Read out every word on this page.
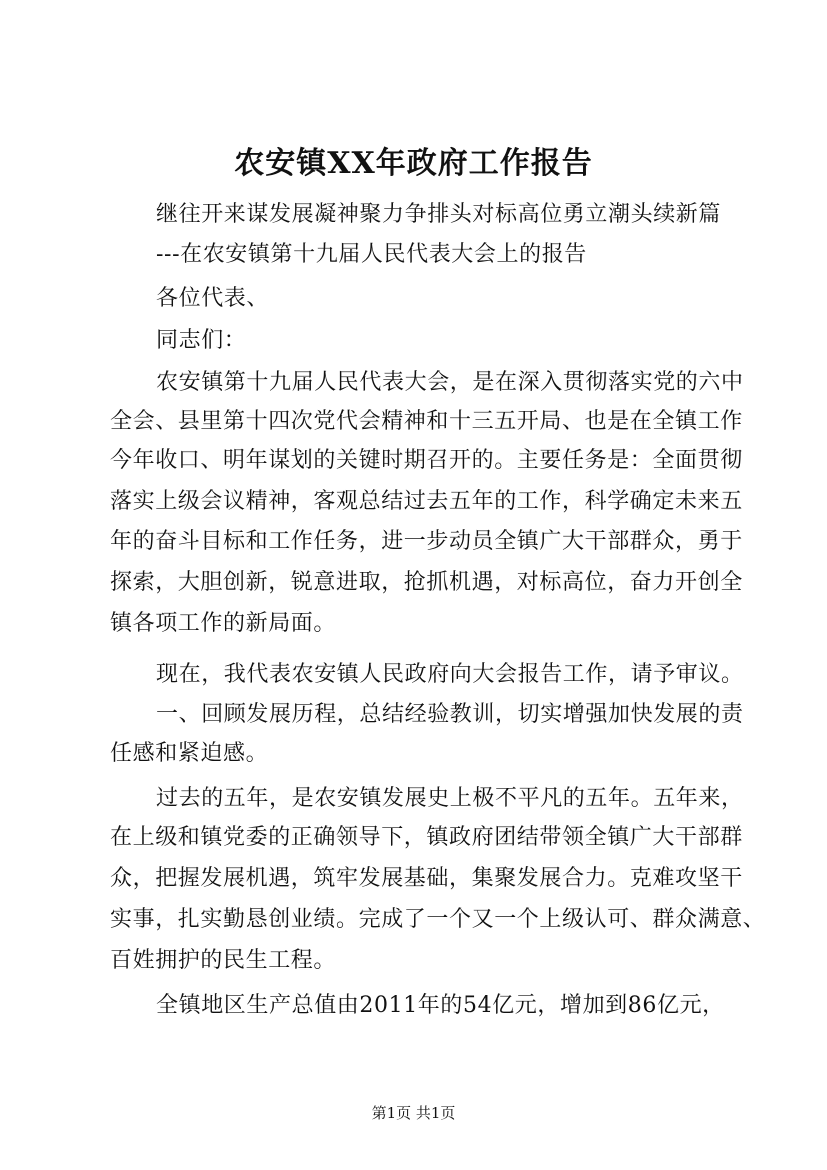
农安镇XX年政府工作报告
继往开来谋发展凝神聚力争排头对标高位勇立潮头续新篇
---在农安镇第十九届人民代表大会上的报告
各位代表、
同志们：
农安镇第十九届人民代表大会，是在深入贯彻落实党的六中
全会、县里第十四次党代会精神和十三五开局、也是在全镇工作
今年收口、明年谋划的关键时期召开的。主要任务是：全面贯彻
落实上级会议精神，客观总结过去五年的工作，科学确定未来五
年的奋斗目标和工作任务，进一步动员全镇广大干部群众，勇于
探索，大胆创新，锐意进取，抢抓机遇，对标高位，奋力开创全
镇各项工作的新局面。
现在，我代表农安镇人民政府向大会报告工作，请予审议。
一、回顾发展历程，总结经验教训，切实增强加快发展的责
任感和紧迫感。
过去的五年，是农安镇发展史上极不平凡的五年。五年来，
在上级和镇党委的正确领导下，镇政府团结带领全镇广大干部群
众，把握发展机遇，筑牢发展基础，集聚发展合力。克难攻坚干
实事，扎实勤恳创业绩。完成了一个又一个上级认可、群众满意、
百姓拥护的民生工程。
全镇地区生产总值由2011年的54亿元，增加到86亿元，
第1页 共1页
